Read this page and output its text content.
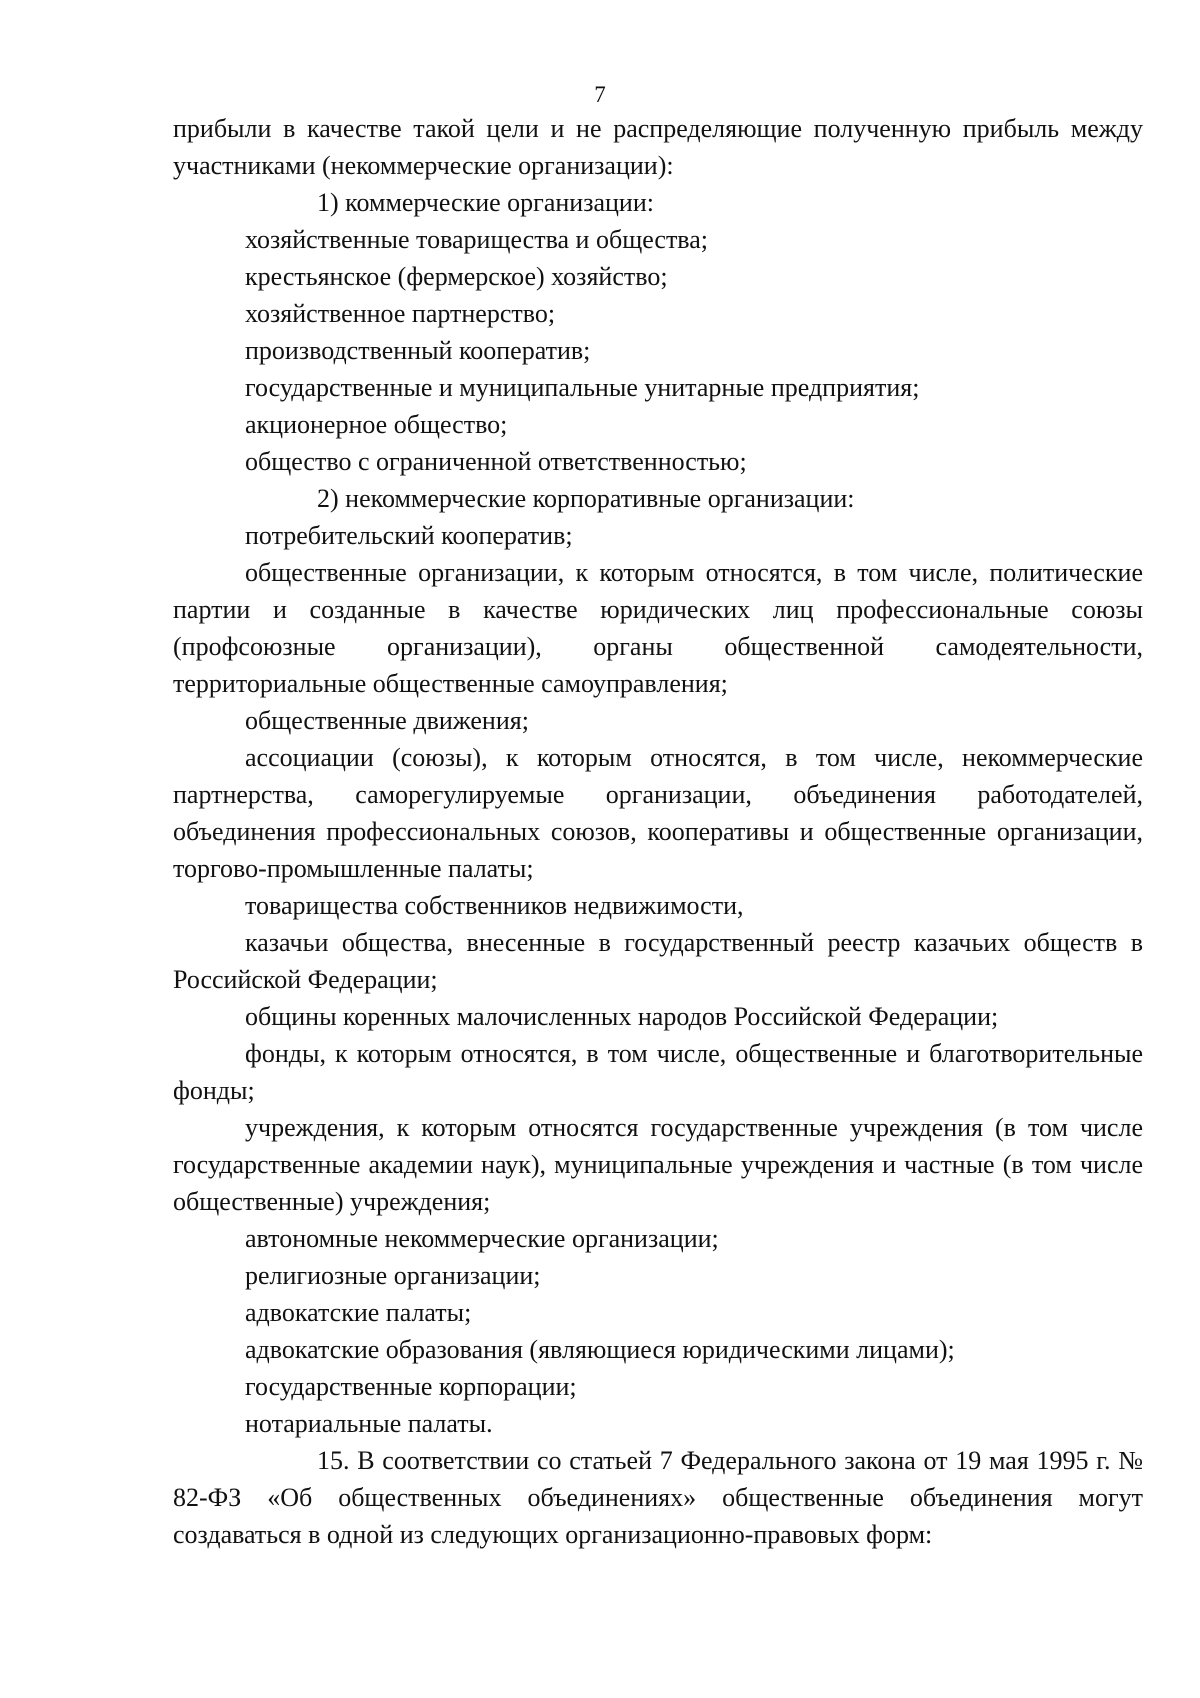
7

прибыли в качестве такой цели и не распределяющие полученную прибыль между участниками (некоммерческие организации):

1) коммерческие организации:

хозяйственные товарищества и общества;

крестьянское (фермерское) хозяйство;

хозяйственное партнерство;

производственный кооператив;

государственные и муниципальные унитарные предприятия;

акционерное общество;

общество с ограниченной ответственностью;

2) некоммерческие корпоративные организации:

потребительский кооператив;

общественные организации, к которым относятся, в том числе, политические партии и созданные в качестве юридических лиц профессиональные союзы (профсоюзные организации), органы общественной самодеятельности, территориальные общественные самоуправления;

общественные движения;

ассоциации (союзы), к которым относятся, в том числе, некоммерческие партнерства, саморегулируемые организации, объединения работодателей, объединения профессиональных союзов, кооперативы и общественные организации, торгово-промышленные палаты;

товарищества собственников недвижимости,

казачьи общества, внесенные в государственный реестр казачьих обществ в Российской Федерации;

общины коренных малочисленных народов Российской Федерации;

фонды, к которым относятся, в том числе, общественные и благотворительные фонды;

учреждения, к которым относятся государственные учреждения (в том числе государственные академии наук), муниципальные учреждения и частные (в том числе общественные) учреждения;

автономные некоммерческие организации;

религиозные организации;

адвокатские палаты;

адвокатские образования (являющиеся юридическими лицами);

государственные корпорации;

нотариальные палаты.

15. В соответствии со статьей 7 Федерального закона от 19 мая 1995 г. № 82-ФЗ «Об общественных объединениях» общественные объединения могут создаваться в одной из следующих организационно-правовых форм:
